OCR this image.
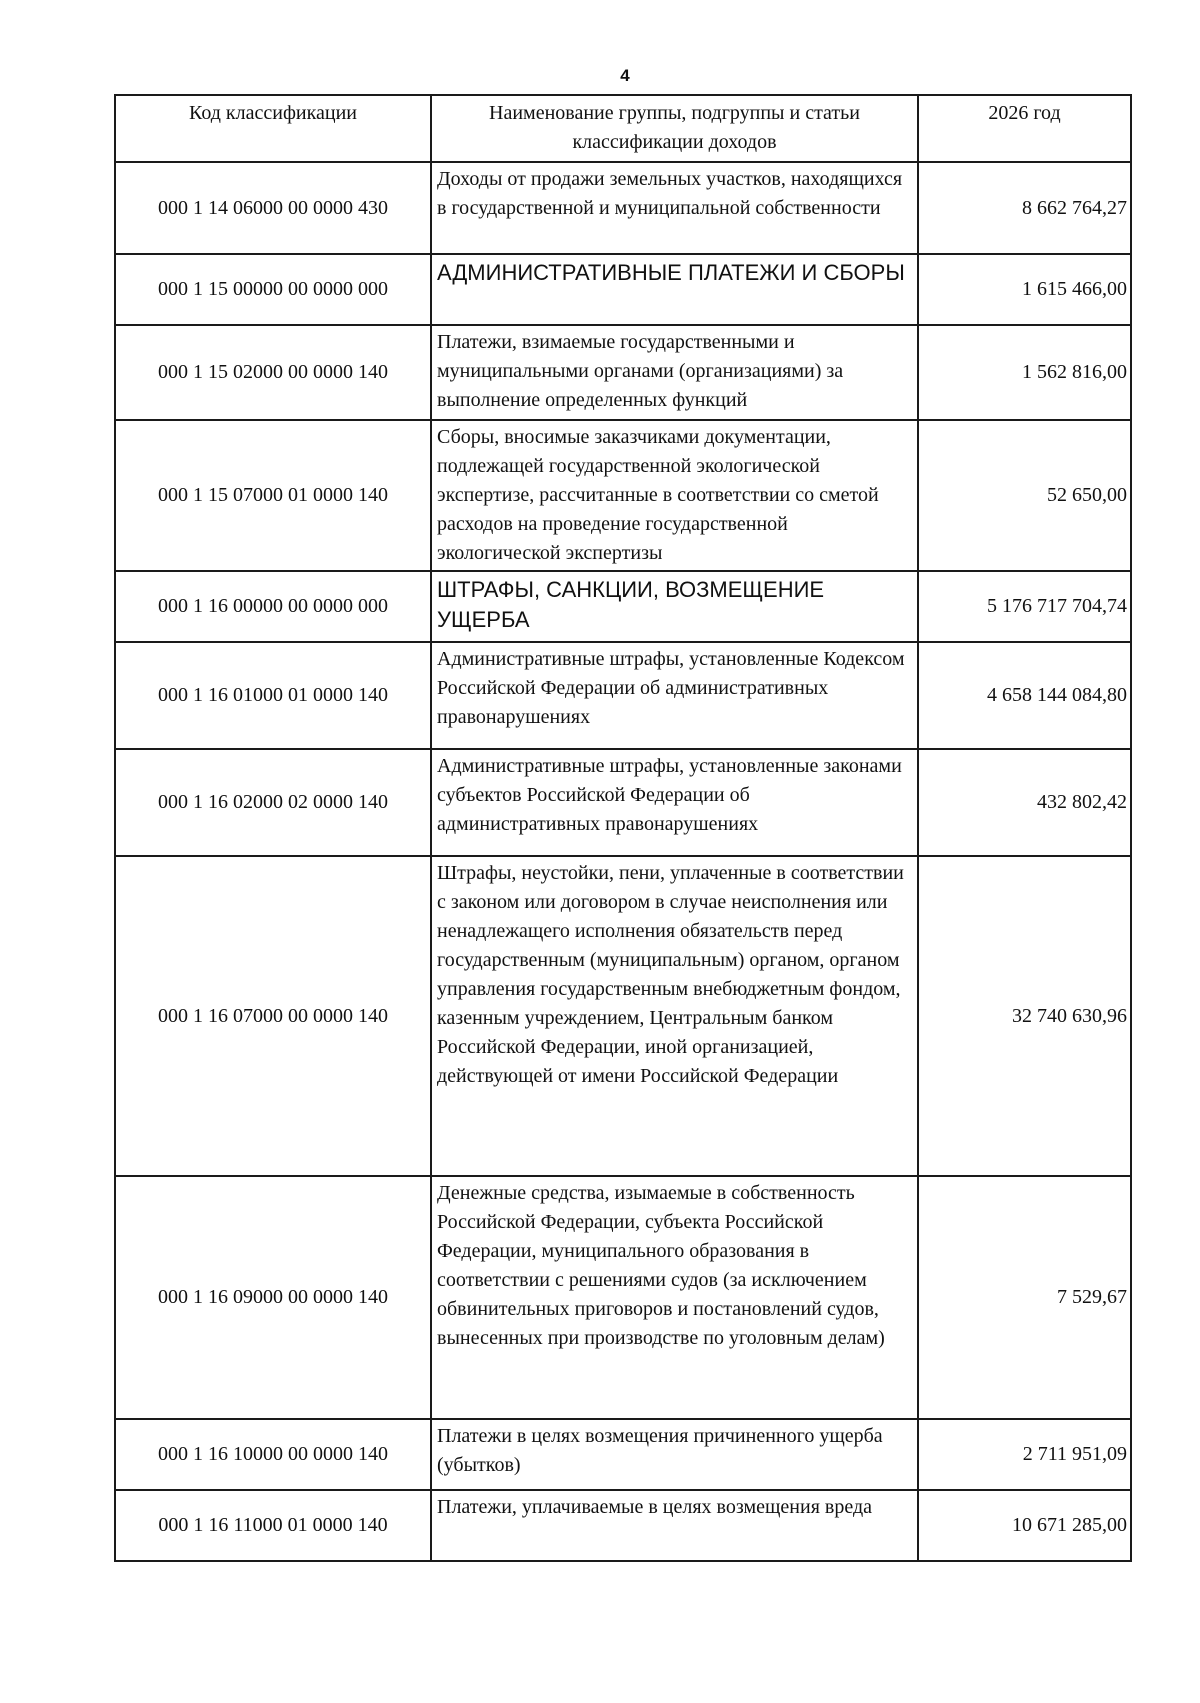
4
Код классификации	Наименование группы, подгруппы и статьи классификации доходов	2026 год
000 1 14 06000 00 0000 430	Доходы от продажи земельных участков, находящихся в государственной и муниципальной собственности	8 662 764,27
000 1 15 00000 00 0000 000	АДМИНИСТРАТИВНЫЕ ПЛАТЕЖИ И СБОРЫ	1 615 466,00
000 1 15 02000 00 0000 140	Платежи, взимаемые государственными и муниципальными органами (организациями) за выполнение определенных функций	1 562 816,00
000 1 15 07000 01 0000 140	Сборы, вносимые заказчиками документации, подлежащей государственной экологической экспертизе, рассчитанные в соответствии со сметой расходов на проведение государственной экологической экспертизы	52 650,00
000 1 16 00000 00 0000 000	ШТРАФЫ, САНКЦИИ, ВОЗМЕЩЕНИЕ УЩЕРБА	5 176 717 704,74
000 1 16 01000 01 0000 140	Административные штрафы, установленные Кодексом Российской Федерации об административных правонарушениях	4 658 144 084,80
000 1 16 02000 02 0000 140	Административные штрафы, установленные законами субъектов Российской Федерации об административных правонарушениях	432 802,42
000 1 16 07000 00 0000 140	Штрафы, неустойки, пени, уплаченные в соответствии с законом или договором в случае неисполнения или ненадлежащего исполнения обязательств перед государственным (муниципальным) органом, органом управления государственным внебюджетным фондом, казенным учреждением, Центральным банком Российской Федерации, иной организацией, действующей от имени Российской Федерации	32 740 630,96
000 1 16 09000 00 0000 140	Денежные средства, изымаемые в собственность Российской Федерации, субъекта Российской Федерации, муниципального образования в соответствии с решениями судов (за исключением обвинительных приговоров и постановлений судов, вынесенных при производстве по уголовным делам)	7 529,67
000 1 16 10000 00 0000 140	Платежи в целях возмещения причиненного ущерба (убытков)	2 711 951,09
000 1 16 11000 01 0000 140	Платежи, уплачиваемые в целях возмещения вреда	10 671 285,00
